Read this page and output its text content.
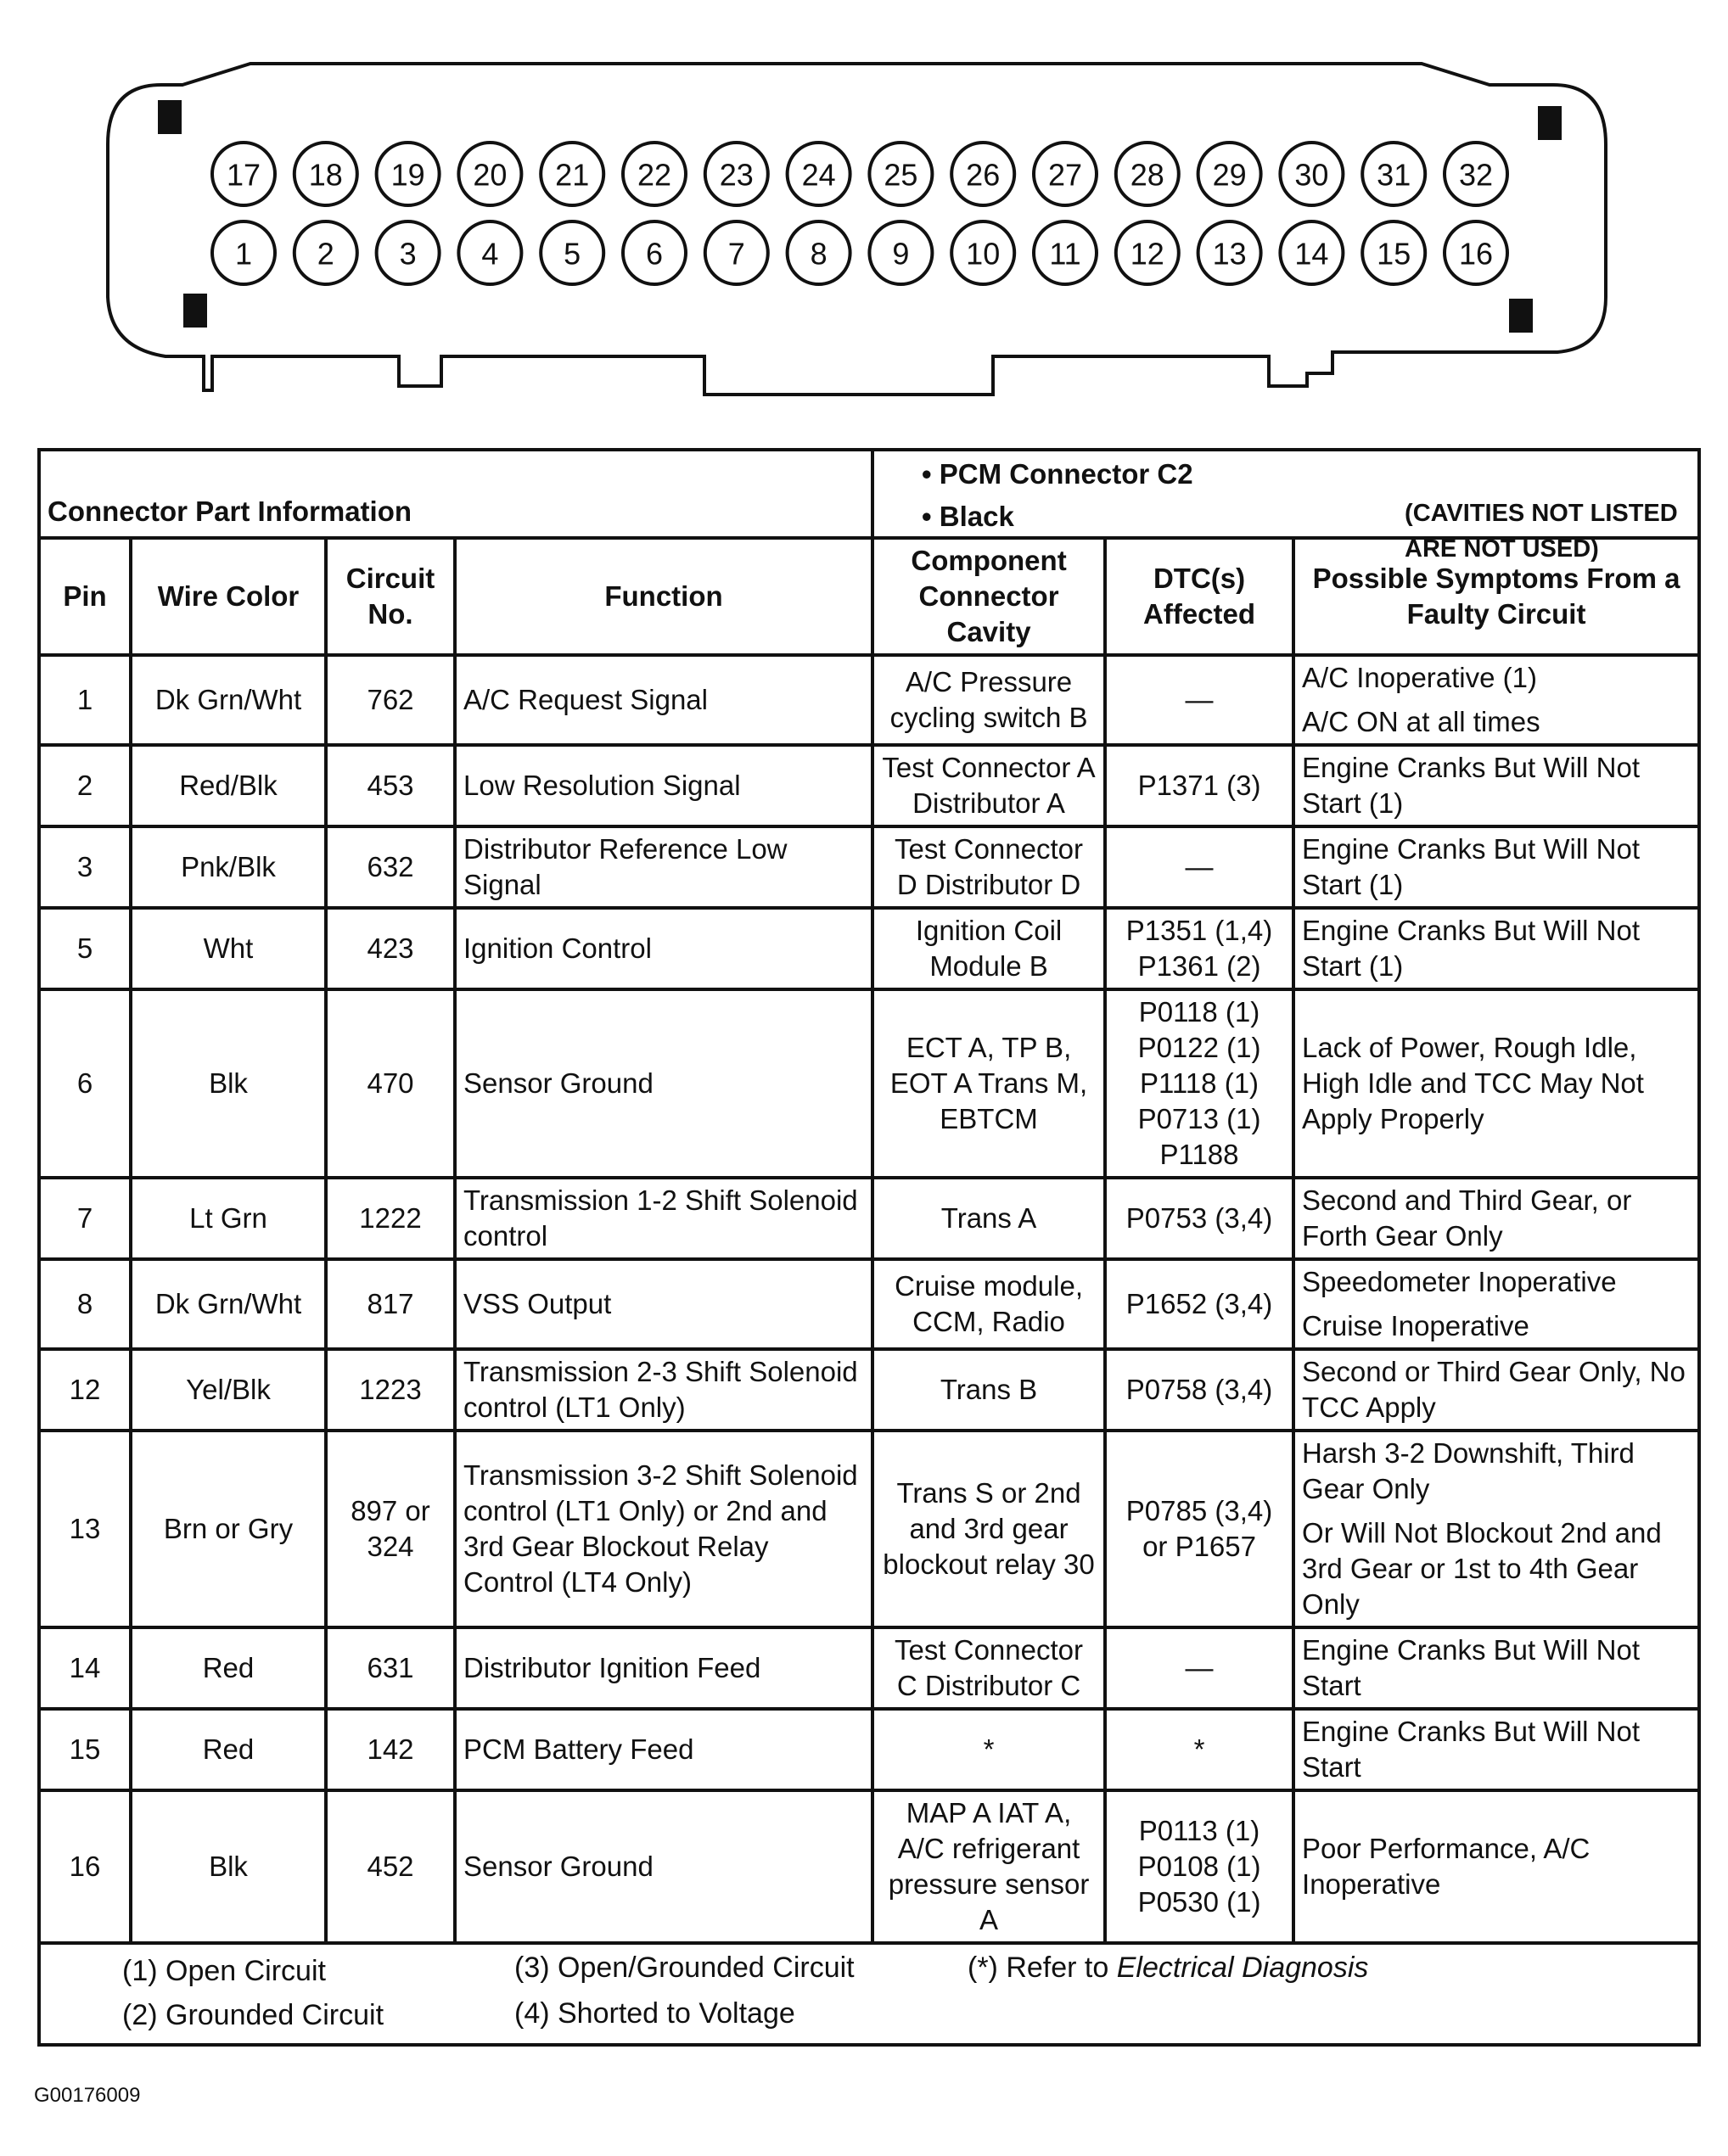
17 18 19 20 21 22 23 24 25 26 27 28 29 30 31 32
1 2 3 4 5 6 7 8 9 10 11 12 13 14 15 16
Connector Part Information				• PCM Connector C2
• Black (CAVITIES NOT LISTED ARE NOT USED)		

Pin	Wire Color	Circuit No.	Function	Component Connector Cavity	DTC(s) Affected	Possible Symptoms From a Faulty Circuit
1	Dk Grn/Wht	762	A/C Request Signal	A/C Pressure cycling switch B	—	A/C Inoperative (1)
A/C ON at all times

2	Red/Blk	453	Low Resolution Signal	Test Connector A Distributor A	P1371 (3)	Engine Cranks But Will Not Start (1)

3	Pnk/Blk	632	Distributor Reference Low Signal	Test Connector D Distributor D	—	Engine Cranks But Will Not Start (1)

5	Wht	423	Ignition Control	Ignition Coil Module B	P1351 (1,4)
P1361 (2)	Engine Cranks But Will Not Start (1)

6	Blk	470	Sensor Ground	ECT A, TP B, EOT A Trans M, EBTCM	P0118 (1)
P0122 (1)
P1118 (1)
P0713 (1)
P1188	Lack of Power, Rough Idle, High Idle and TCC May Not Apply Properly

7	Lt Grn	1222	Transmission 1-2 Shift Solenoid control	Trans A	P0753 (3,4)	Second and Third Gear, or Forth Gear Only

8	Dk Grn/Wht	817	VSS Output	Cruise module, CCM, Radio	P1652 (3,4)	Speedometer Inoperative
Cruise Inoperative

12	Yel/Blk	1223	Transmission 2-3 Shift Solenoid control (LT1 Only)	Trans B	P0758 (3,4)	Second or Third Gear Only, No TCC Apply

13	Brn or Gry	897 or 324	Transmission 3-2 Shift Solenoid control (LT1 Only) or 2nd and 3rd Gear Blockout Relay Control (LT4 Only)	Trans S or 2nd and 3rd gear blockout relay 30	P0785 (3,4)
or P1657	Harsh 3-2 Downshift, Third Gear Only
Or Will Not Blockout 2nd and 3rd Gear or 1st to 4th Gear Only

14	Red	631	Distributor Ignition Feed	Test Connector C Distributor C	—	Engine Cranks But Will Not Start

15	Red	142	PCM Battery Feed	*	*	Engine Cranks But Will Not Start

16	Blk	452	Sensor Ground	MAP A IAT A, A/C refrigerant pressure sensor A	P0113 (1)
P0108 (1)
P0530 (1)	Poor Performance, A/C Inoperative

(1) Open Circuit
(2) Grounded Circuit
(3) Open/Grounded Circuit
(4) Shorted to Voltage
(*) Refer to Electrical Diagnosis						
G00176009
